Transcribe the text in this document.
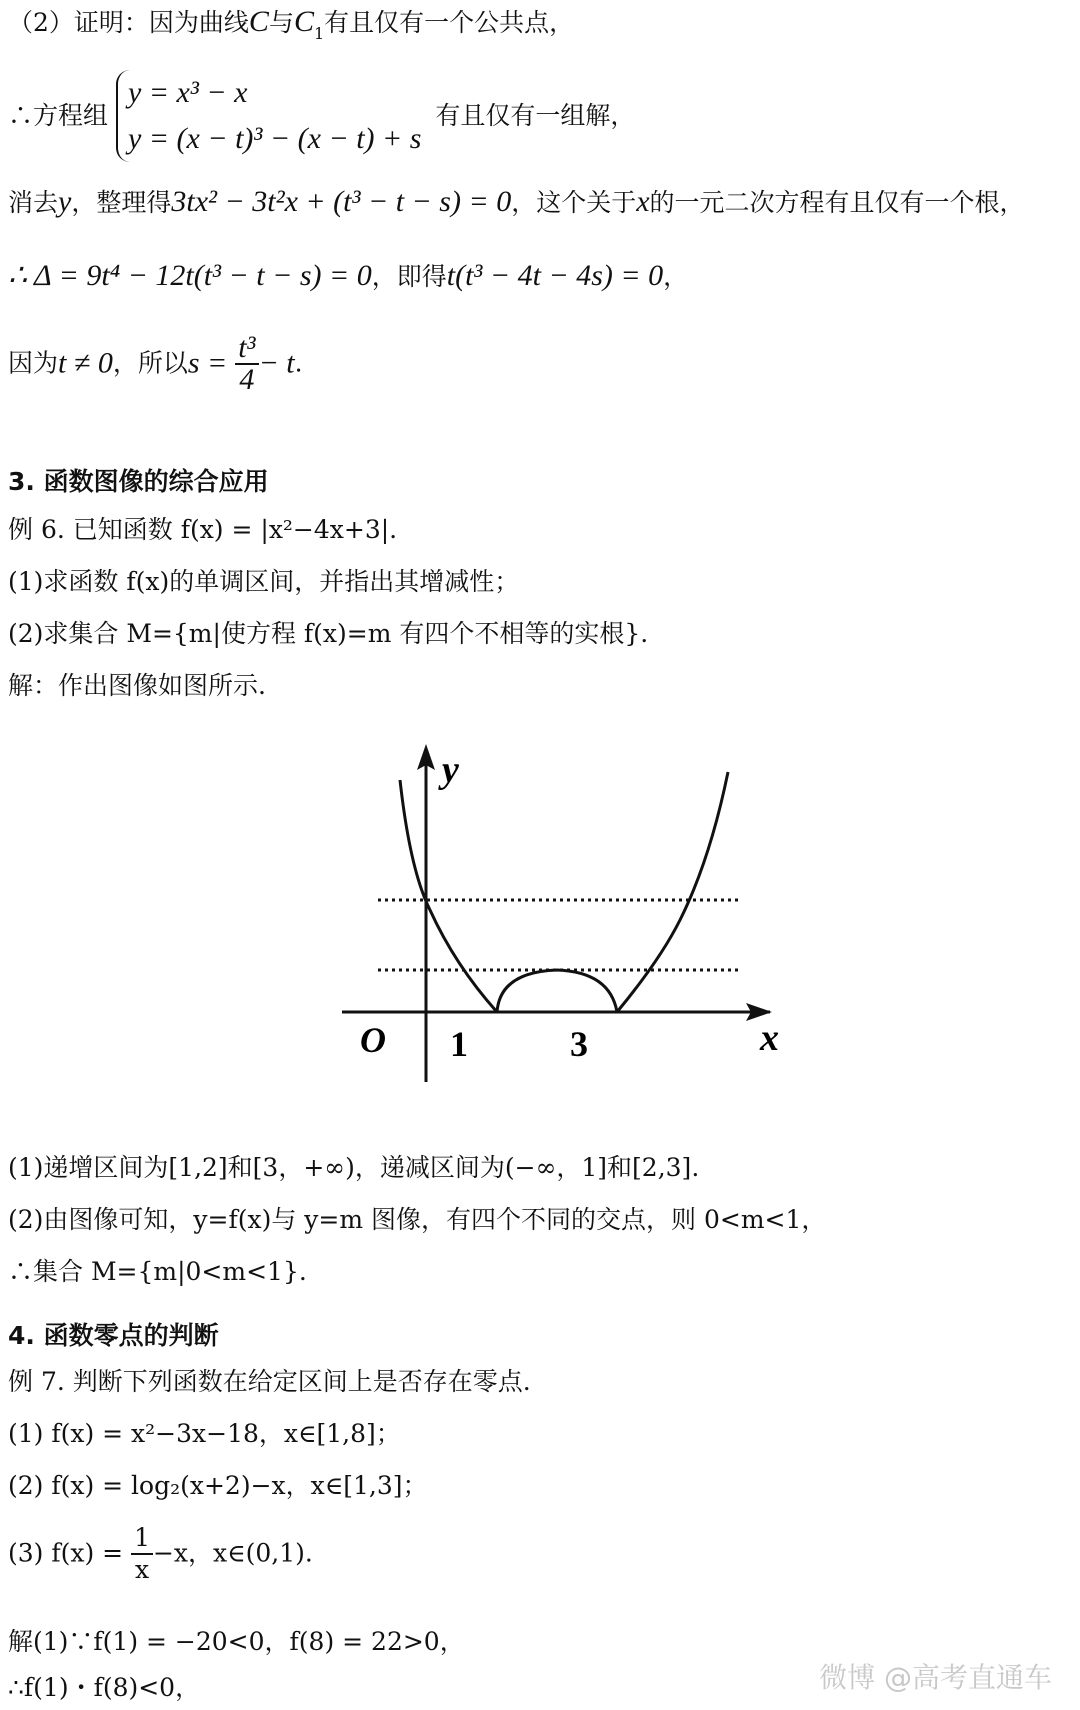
（2）证明：因为曲线C与$C_1$有且仅有一个公共点，
∴方程组
y = x³ − x
y = (x − t)³ − (x − t) + s
有且仅有一组解，
消去y，整理得3tx² − 3t²x + (t³ − t − s) = 0，这个关于x的一元二次方程有且仅有一个根，
∴ Δ = 9t⁴ − 12t(t³ − t − s) = 0，即得t(t³ − 4t − 4s) = 0，
因为t ≠ 0，所以$s = \frac{\text{t³}}{4} - t$.
3. 函数图像的综合应用
例 6. 已知函数 f(x) = |x²−4x+3|.
(1)求函数 f(x)的单调区间，并指出其增减性；
(2)求集合 M={m|使方程 f(x)=m 有四个不相等的实根}.
解：作出图像如图所示.
y
x
O 1	3
(1)递增区间为[1,2]和[3，+∞)，递减区间为(−∞，1]和[2,3].
(2)由图像可知，y=f(x)与 y=m 图像，有四个不同的交点，则 0<m<1，
∴集合 M={m|0<m<1}.
4. 函数零点的判断
例 7. 判断下列函数在给定区间上是否存在零点.
(1) f(x) = x²−3x−18，x∈[1,8]；
(2) f(x) = log₂(x+2)−x，x∈[1,3]；
(3) $f(x) = \frac{1}{x} -x$，x∈(0,1).
解(1)∵f(1) = −20<0，f(8) = 22>0，
∴f(1)・f(8)<0，	微博 @高考直通车
